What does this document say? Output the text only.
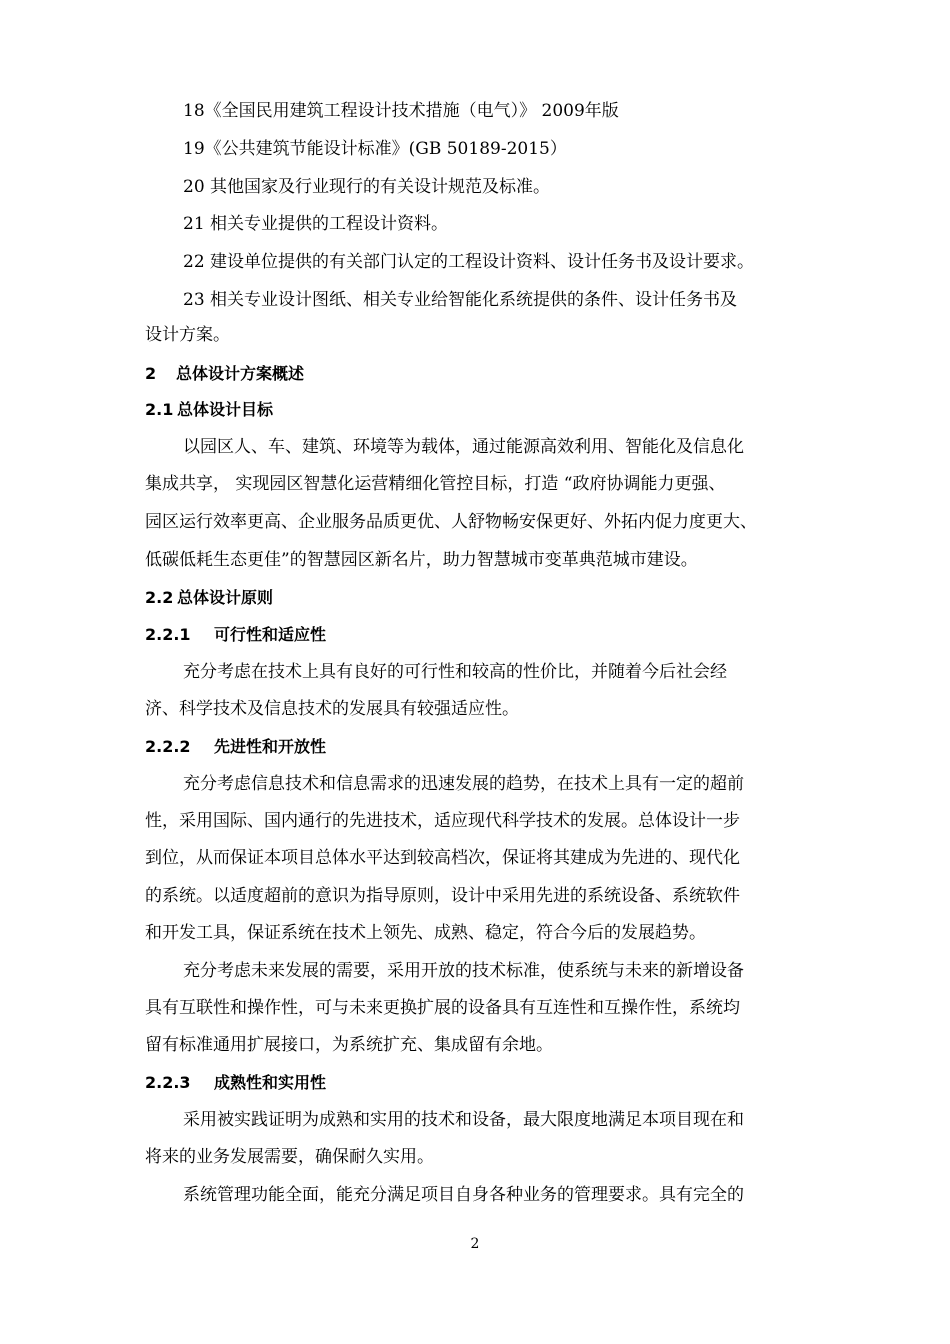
18《全国民用建筑工程设计技术措施（电气）》 2009年版
19《公共建筑节能设计标准》(GB 50189-2015）
20 其他国家及行业现行的有关设计规范及标准。
21 相关专业提供的工程设计资料。
22 建设单位提供的有关部门认定的工程设计资料、设计任务书及设计要求。
23 相关专业设计图纸、相关专业给智能化系统提供的条件、设计任务书及
设计方案。
2 总体设计方案概述
2.1 总体设计目标
以园区人、车、建筑、环境等为载体，通过能源高效利用、智能化及信息化
集成共享， 实现园区智慧化运营精细化管控目标，打造 “政府协调能力更强、
园区运行效率更高、企业服务品质更优、人舒物畅安保更好、外拓内促力度更大、
低碳低耗生态更佳”的智慧园区新名片，助力智慧城市变革典范城市建设。
2.2 总体设计原则
2.2.1 可行性和适应性
充分考虑在技术上具有良好的可行性和较高的性价比，并随着今后社会经
济、科学技术及信息技术的发展具有较强适应性。
2.2.2 先进性和开放性
充分考虑信息技术和信息需求的迅速发展的趋势，在技术上具有一定的超前
性，采用国际、国内通行的先进技术，适应现代科学技术的发展。总体设计一步
到位，从而保证本项目总体水平达到较高档次，保证将其建成为先进的、现代化
的系统。以适度超前的意识为指导原则，设计中采用先进的系统设备、系统软件
和开发工具，保证系统在技术上领先、成熟、稳定，符合今后的发展趋势。
充分考虑未来发展的需要，采用开放的技术标准，使系统与未来的新增设备
具有互联性和操作性，可与未来更换扩展的设备具有互连性和互操作性，系统均
留有标准通用扩展接口，为系统扩充、集成留有余地。
2.2.3 成熟性和实用性
采用被实践证明为成熟和实用的技术和设备，最大限度地满足本项目现在和
将来的业务发展需要，确保耐久实用。
系统管理功能全面，能充分满足项目自身各种业务的管理要求。具有完全的
2
